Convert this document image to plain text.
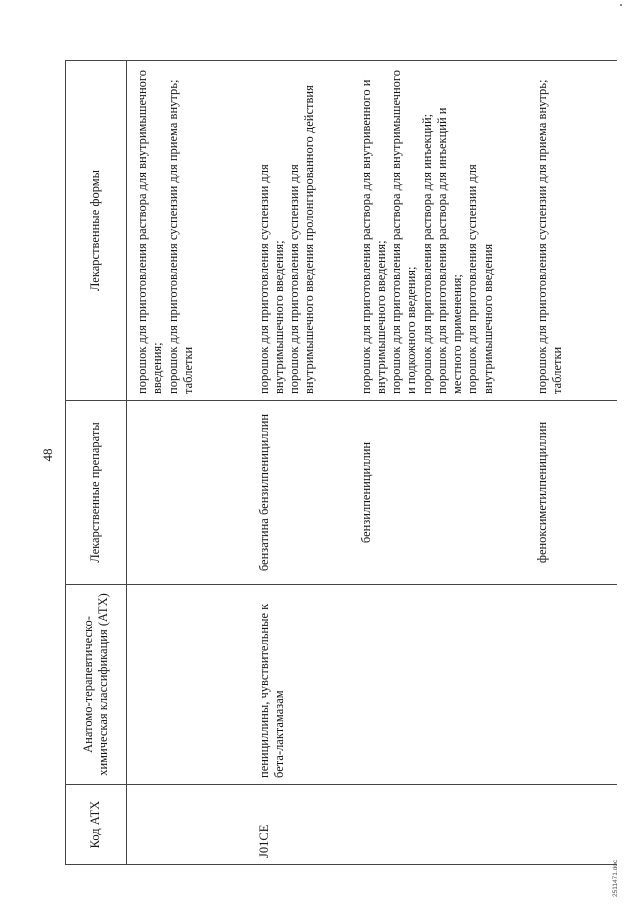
48
Код АТХ	Анатомо-терапевтическо-химическая классификация (АТХ)	Лекарственные препараты	Лекарственные формы

			порошок для приготовления раствора для внутримышечного введения; порошок для приготовления суспензии для приема внутрь; таблетки

J01CE	пенициллины, чувствительные к бета-лактамазам	бензатина бензилпенициллин	порошок для приготовления суспензии для внутримышечного введения; порошок для приготовления суспензии для внутримышечного введения пролонгированного действия

		бензилпенициллин	порошок для приготовления раствора для внутривенного и внутримышечного введения; порошок для приготовления раствора для внутримышечного и подкожного введения; порошок для приготовления раствора для инъекций; порошок для приготовления раствора для инъекций и местного применения; порошок для приготовления суспензии для внутримышечного введения

		феноксиметилпенициллин	порошок для приготовления суспензии для приема внутрь; таблетки
2511471.doc
